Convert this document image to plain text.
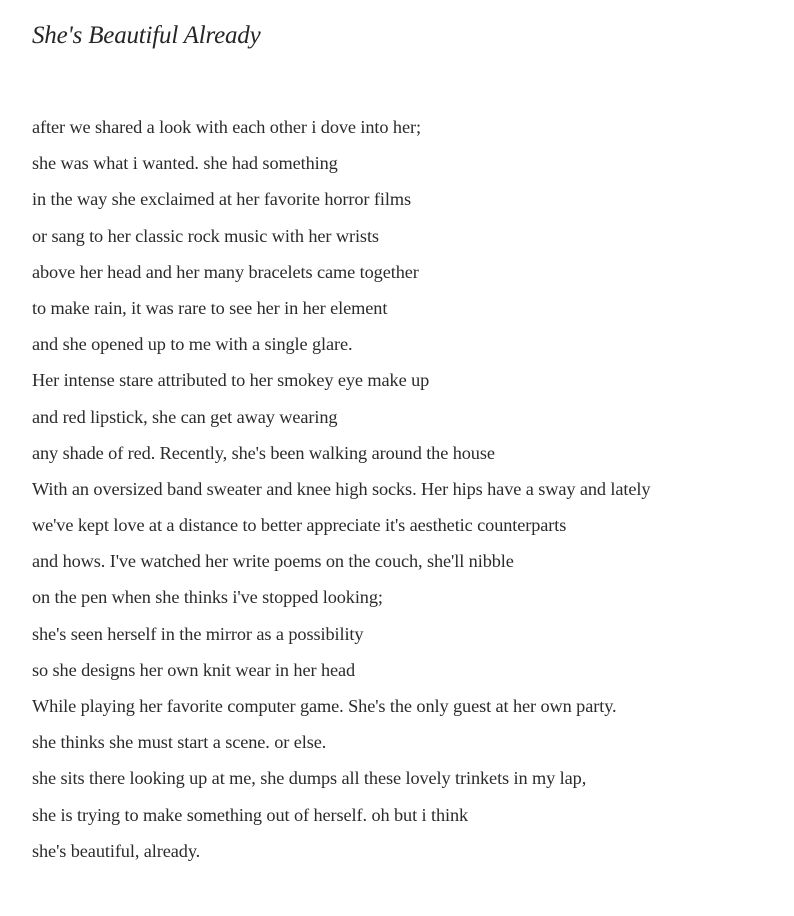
She's Beautiful Already
after we shared a look with each other i dove into her;
she was what i wanted. she had something
in the way she exclaimed at her favorite horror films
or sang to her classic rock music with her wrists
above her head and her many bracelets came together
to make rain, it was rare to see her in her element
and she opened up to me with a single glare.
Her intense stare attributed to her smokey eye make up
and red lipstick, she can get away wearing
any shade of red. Recently, she's been walking around the house
With an oversized band sweater and knee high socks. Her hips have a sway and lately
we've kept love at a distance to better appreciate it's aesthetic counterparts
and hows. I've watched her write poems on the couch, she'll nibble
on the pen when she thinks i've stopped looking;
she's seen herself in the mirror as a possibility
so she designs her own knit wear in her head
While playing her favorite computer game. She's the only guest at her own party.
she thinks she must start a scene. or else.
she sits there looking up at me, she dumps all these lovely trinkets in my lap,
she is trying to make something out of herself. oh but i think
she's beautiful, already.
